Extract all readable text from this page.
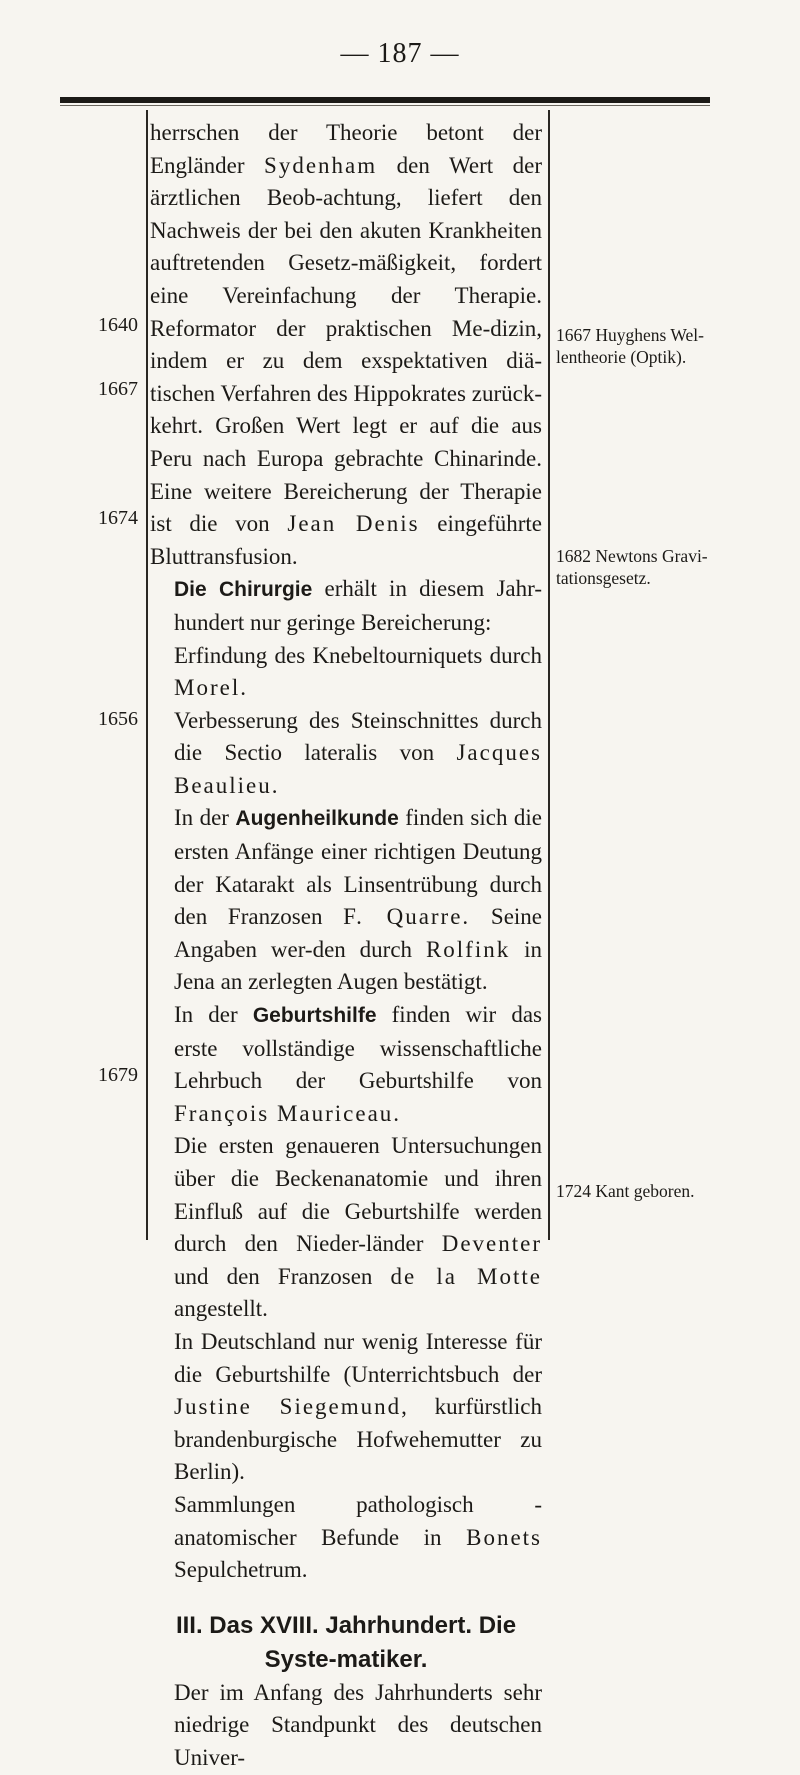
— 187 —
1640
1667
1674
1656
1679

herrschen der Theorie betont der Engländer Sydenham den Wert der ärztlichen Beob-achtung, liefert den Nachweis der bei den akuten Krankheiten auftretenden Gesetz-mäßigkeit, fordert eine Vereinfachung der Therapie. Reformator der praktischen Me-dizin, indem er zu dem exspektativen diä-tischen Verfahren des Hippokrates zurück-kehrt. Großen Wert legt er auf die aus Peru nach Europa gebrachte Chinarinde. Eine weitere Bereicherung der Therapie ist die von Jean Denis eingeführte Bluttransfusion.

Die Chirurgie erhält in diesem Jahr-hundert nur geringe Bereicherung:

Erfindung des Knebeltourniquets durch Morel.

Verbesserung des Steinschnittes durch die Sectio lateralis von Jacques Beaulieu.

In der Augenheilkunde finden sich die ersten Anfänge einer richtigen Deutung der Katarakt als Linsentrübung durch den Franzosen F. Quarre. Seine Angaben wer-den durch Rolfink in Jena an zerlegten Augen bestätigt.

In der Geburtshilfe finden wir das erste vollständige wissenschaftliche Lehrbuch der Geburtshilfe von François Mauriceau.

Die ersten genaueren Untersuchungen über die Beckenanatomie und ihren Einfluß auf die Geburtshilfe werden durch den Nieder-länder Deventer und den Franzosen de la Motte angestellt.

In Deutschland nur wenig Interesse für die Geburtshilfe (Unterrichtsbuch der Justine Siegemund, kurfürstlich brandenburgische Hofwehemutter zu Berlin).

Sammlungen pathologisch - anatomischer Befunde in Bonets Sepulchetrum.

III. Das XVIII. Jahrhundert. Die Syste-matiker.

Der im Anfang des Jahrhunderts sehr niedrige Standpunkt des deutschen Univer-

1667 Huyghens Wel-lentheorie (Optik).
1682 Newtons Gravi-tationsgesetz.
1724 Kant geboren.
